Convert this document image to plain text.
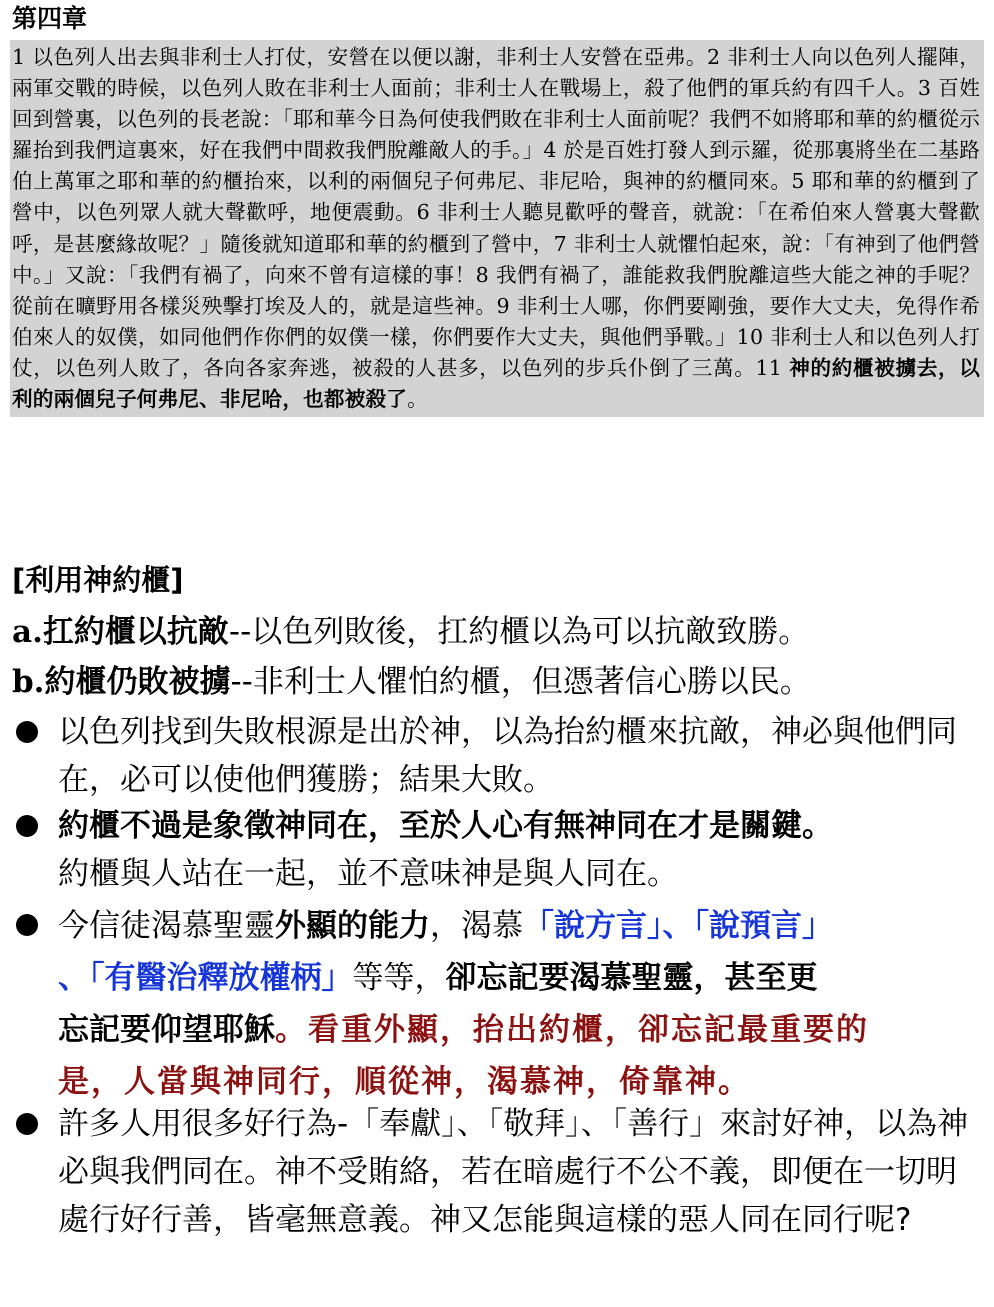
第四章

1 以色列人出去與非利士人打仗，安營在以便以謝，非利士人安營在亞弗。2 非利士人向以色列人擺陣，兩軍交戰的時候，以色列人敗在非利士人面前；非利士人在戰場上，殺了他們的軍兵約有四千人。3 百姓回到營裏，以色列的長老說：「耶和華今日為何使我們敗在非利士人面前呢？我們不如將耶和華的約櫃從示羅抬到我們這裏來，好在我們中間救我們脫離敵人的手。」4 於是百姓打發人到示羅，從那裏將坐在二基路伯上萬軍之耶和華的約櫃抬來，以利的兩個兒子何弗尼、非尼哈，與神的約櫃同來。5 耶和華的約櫃到了營中，以色列眾人就大聲歡呼，地便震動。6 非利士人聽見歡呼的聲音，就說：「在希伯來人營裏大聲歡呼，是甚麼緣故呢？」隨後就知道耶和華的約櫃到了營中，7 非利士人就懼怕起來，說：「有神到了他們營中。」又說：「我們有禍了，向來不曾有這樣的事！8 我們有禍了，誰能救我們脫離這些大能之神的手呢？從前在曠野用各樣災殃擊打埃及人的，就是這些神。9 非利士人哪，你們要剛強，要作大丈夫，免得作希伯來人的奴僕，如同他們作你們的奴僕一樣，你們要作大丈夫，與他們爭戰。」10 非利士人和以色列人打仗，以色列人敗了，各向各家奔逃，被殺的人甚多，以色列的步兵仆倒了三萬。11 神的約櫃被擄去，以利的兩個兒子何弗尼、非尼哈，也都被殺了。

[利用神約櫃]

a.扛約櫃以抗敵--以色列敗後，扛約櫃以為可以抗敵致勝。

b.約櫃仍敗被擄--非利士人懼怕約櫃，但憑著信心勝以民。

以色列找到失敗根源是出於神，以為抬約櫃來抗敵，神必與他們同在，必可以使他們獲勝；結果大敗。
約櫃不過是象徵神同在，至於人心有無神同在才是關鍵。
約櫃與人站在一起，並不意味神是與人同在。
今信徒渴慕聖靈外顯的能力，渴慕「說方言」、「說預言」
、「有醫治釋放權柄」等等，卻忘記要渴慕聖靈，甚至更
忘記要仰望耶穌。看重外顯，抬出約櫃，卻忘記最重要的
是，人當與神同行，順從神，渴慕神，倚靠神。
許多人用很多好行為-「奉獻」、「敬拜」、「善行」來討好神，以為神必與我們同在。神不受賄絡，若在暗處行不公不義，即便在一切明處行好行善，皆毫無意義。神又怎能與這樣的惡人同在同行呢?
